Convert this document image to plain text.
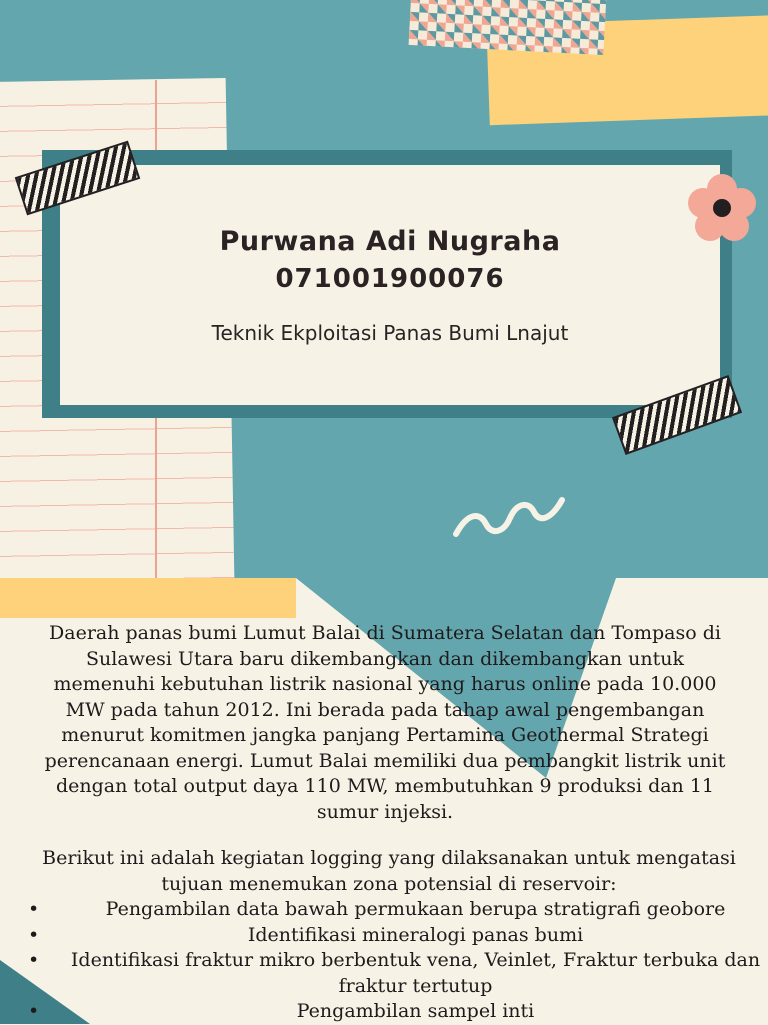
Purwana Adi Nugraha
071001900076
Teknik Ekploitasi Panas Bumi Lnajut

Daerah panas bumi Lumut Balai di Sumatera Selatan dan Tompaso di Sulawesi Utara baru dikembangkan dan dikembangkan untuk memenuhi kebutuhan listrik nasional yang harus online pada 10.000 MW pada tahun 2012. Ini berada pada tahap awal pengembangan menurut komitmen jangka panjang Pertamina Geothermal Strategi perencanaan energi. Lumut Balai memiliki dua pembangkit listrik unit dengan total output daya 110 MW, membutuhkan 9 produksi dan 11 sumur injeksi.

Berikut ini adalah kegiatan logging yang dilaksanakan untuk mengatasi tujuan menemukan zona potensial di reservoir:
•	Pengambilan data bawah permukaan berupa stratigrafi geobore
•	Identifikasi mineralogi panas bumi
• Identifikasi fraktur mikro berbentuk vena, Veinlet, Fraktur terbuka dan fraktur tertutup
•	Pengambilan sampel inti
